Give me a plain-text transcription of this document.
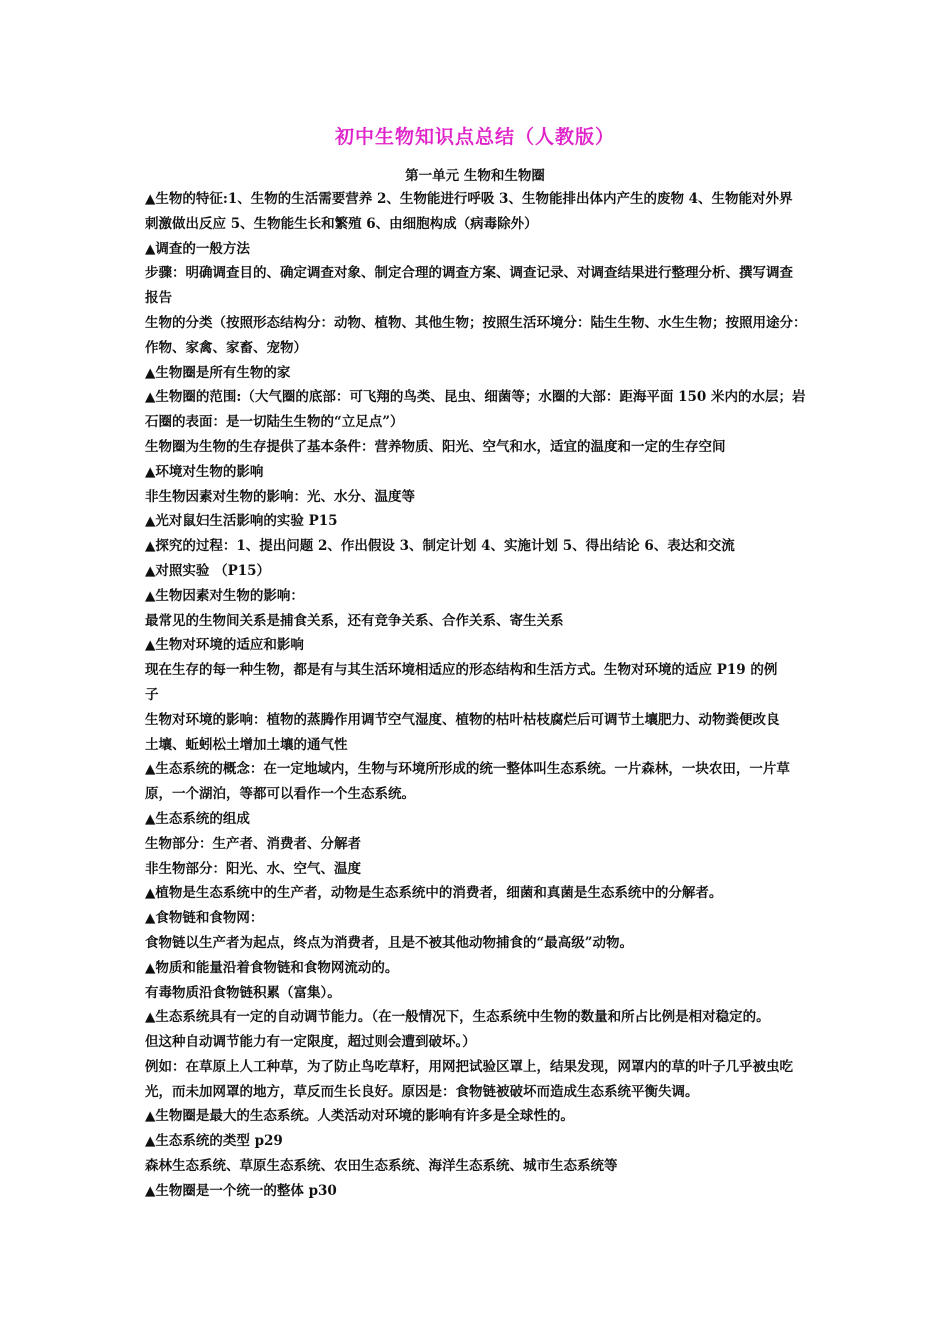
初中生物知识点总结（人教版）
第一单元 生物和生物圈
▲生物的特征:1、生物的生活需要营养 2、生物能进行呼吸 3、生物能排出体内产生的废物 4、生物能对外界
刺激做出反应 5、生物能生长和繁殖 6、由细胞构成（病毒除外）
▲调查的一般方法
步骤：明确调查目的、确定调查对象、制定合理的调查方案、调查记录、对调查结果进行整理分析、撰写调查
报告
生物的分类（按照形态结构分：动物、植物、其他生物；按照生活环境分：陆生生物、水生生物；按照用途分：
作物、家禽、家畜、宠物）
▲生物圈是所有生物的家
▲生物圈的范围:（大气圈的底部：可飞翔的鸟类、昆虫、细菌等；水圈的大部：距海平面 150 米内的水层；岩
石圈的表面：是一切陆生生物的“立足点”）
生物圈为生物的生存提供了基本条件：营养物质、阳光、空气和水，适宜的温度和一定的生存空间
▲环境对生物的影响
非生物因素对生物的影响：光、水分、温度等
▲光对鼠妇生活影响的实验 P15
▲探究的过程：1、提出问题 2、作出假设 3、制定计划 4、实施计划 5、得出结论 6、表达和交流
▲对照实验 （P15）
▲生物因素对生物的影响：
最常见的生物间关系是捕食关系，还有竞争关系、合作关系、寄生关系
▲生物对环境的适应和影响
现在生存的每一种生物，都是有与其生活环境相适应的形态结构和生活方式。生物对环境的适应 P19 的例
子
生物对环境的影响：植物的蒸腾作用调节空气湿度、植物的枯叶枯枝腐烂后可调节土壤肥力、动物粪便改良
土壤、蚯蚓松土增加土壤的通气性
▲生态系统的概念：在一定地域内，生物与环境所形成的统一整体叫生态系统。一片森林，一块农田，一片草
原，一个湖泊，等都可以看作一个生态系统。
▲生态系统的组成
生物部分：生产者、消费者、分解者
非生物部分：阳光、水、空气、温度
▲植物是生态系统中的生产者，动物是生态系统中的消费者，细菌和真菌是生态系统中的分解者。
▲食物链和食物网：
食物链以生产者为起点，终点为消费者，且是不被其他动物捕食的“最高级”动物。
▲物质和能量沿着食物链和食物网流动的。
有毒物质沿食物链积累（富集）。
▲生态系统具有一定的自动调节能力。（在一般情况下，生态系统中生物的数量和所占比例是相对稳定的。
但这种自动调节能力有一定限度，超过则会遭到破坏。）
例如：在草原上人工种草，为了防止鸟吃草籽，用网把试验区罩上，结果发现，网罩内的草的叶子几乎被虫吃
光，而未加网罩的地方，草反而生长良好。原因是：食物链被破坏而造成生态系统平衡失调。
▲生物圈是最大的生态系统。人类活动对环境的影响有许多是全球性的。
▲生态系统的类型 p29
森林生态系统、草原生态系统、农田生态系统、海洋生态系统、城市生态系统等
▲生物圈是一个统一的整体 p30
